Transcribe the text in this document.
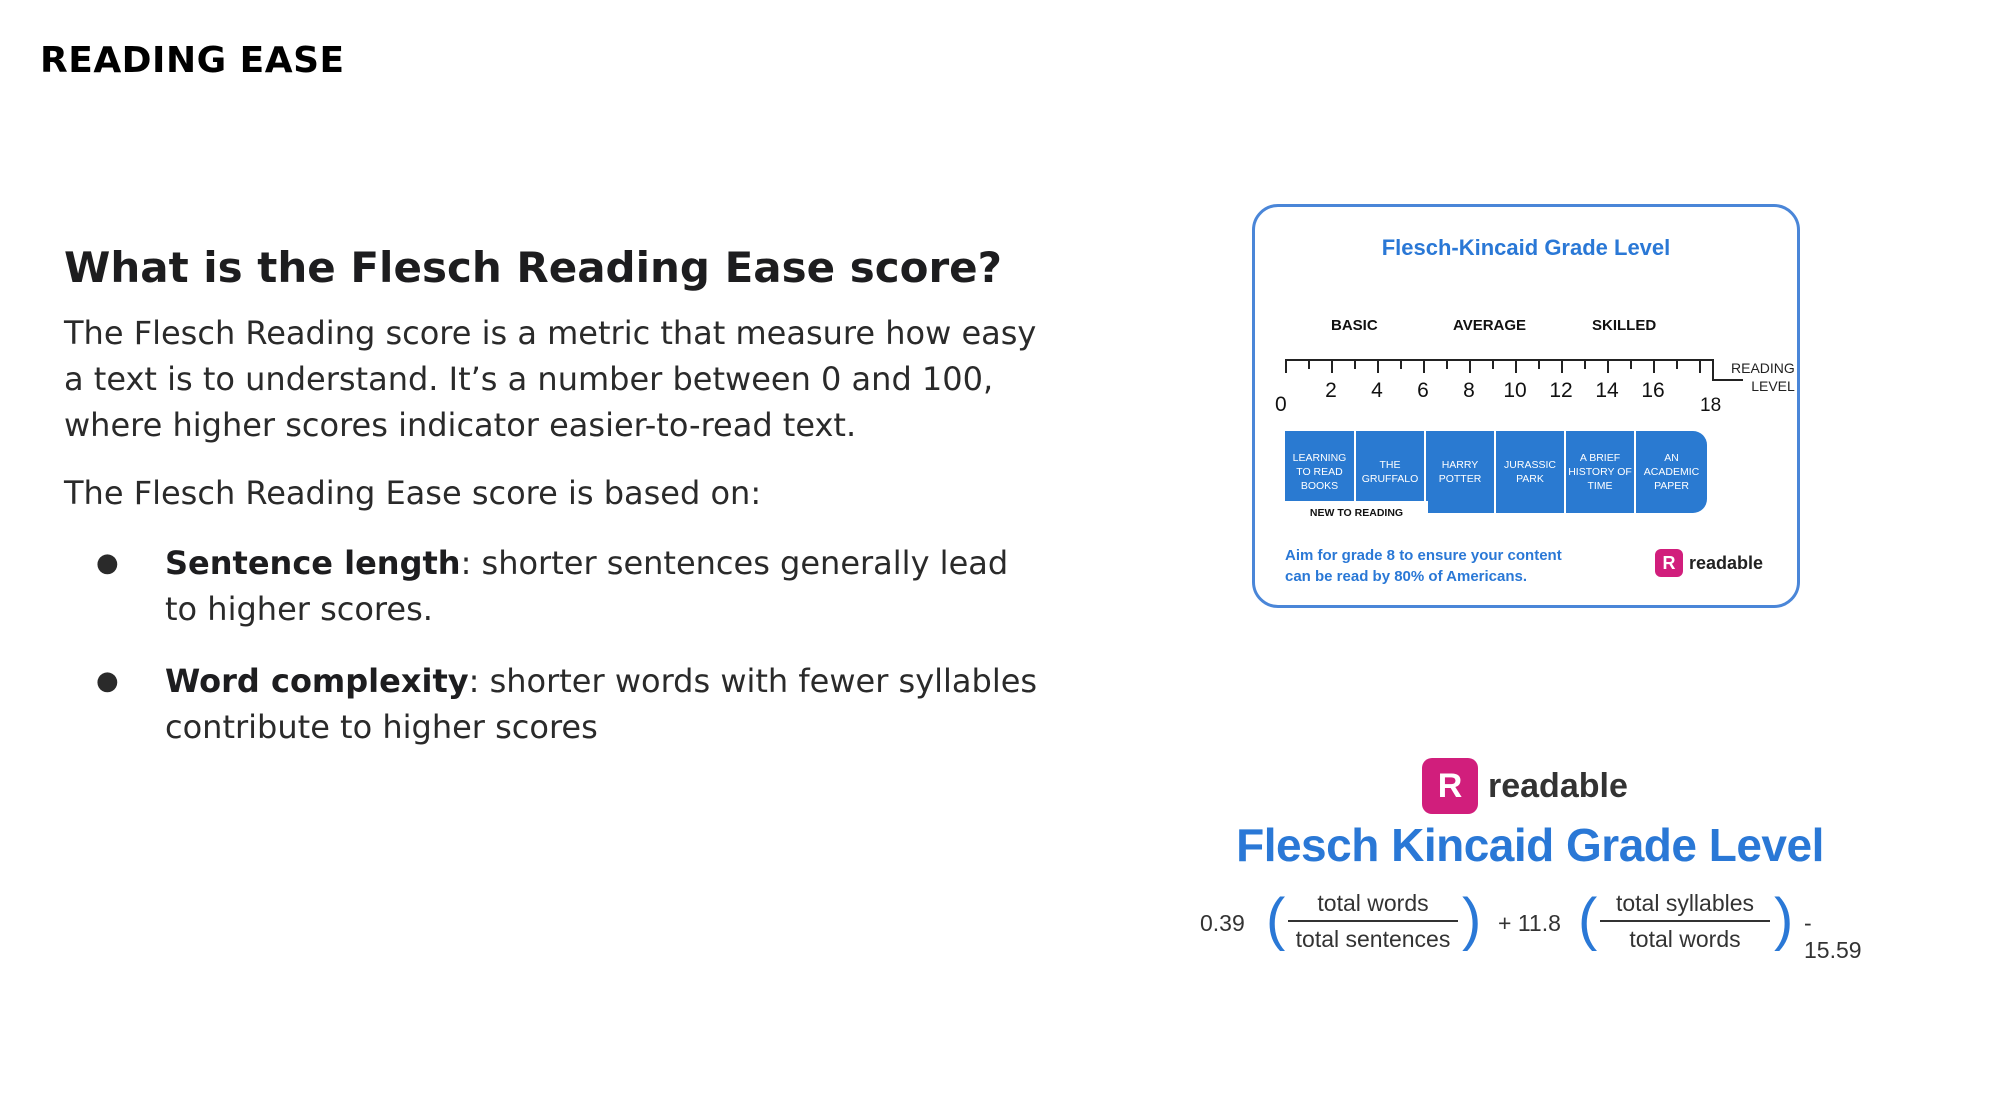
READING EASE
What is the Flesch Reading Ease score?

The Flesch Reading score is a metric that measure how easy a text is to understand. It’s a number between 0 and 100, where higher scores indicator easier-to-read text.

The Flesch Reading Ease score is based on:

● Sentence length: shorter sentences generally lead to higher scores.
● Word complexity: shorter words with fewer syllables contribute to higher scores
Flesch-Kincaid Grade Level
BASIC	AVERAGE	SKILLED
2 4 6 8 10 12 14 16
0	18
READING
LEVEL
LEARNING TO READ BOOKS
THE GRUFFALO
HARRY POTTER
JURASSIC PARK
A BRIEF HISTORY OF TIME
AN ACADEMIC PAPER
NEW TO READING
Aim for grade 8 to ensure your content can be read by 80% of Americans.
R readable
R readable
Flesch Kincaid Grade Level
0.39 (	total words
total sentences ) + 11.8 ( total syllables
total words ) - 15.59
